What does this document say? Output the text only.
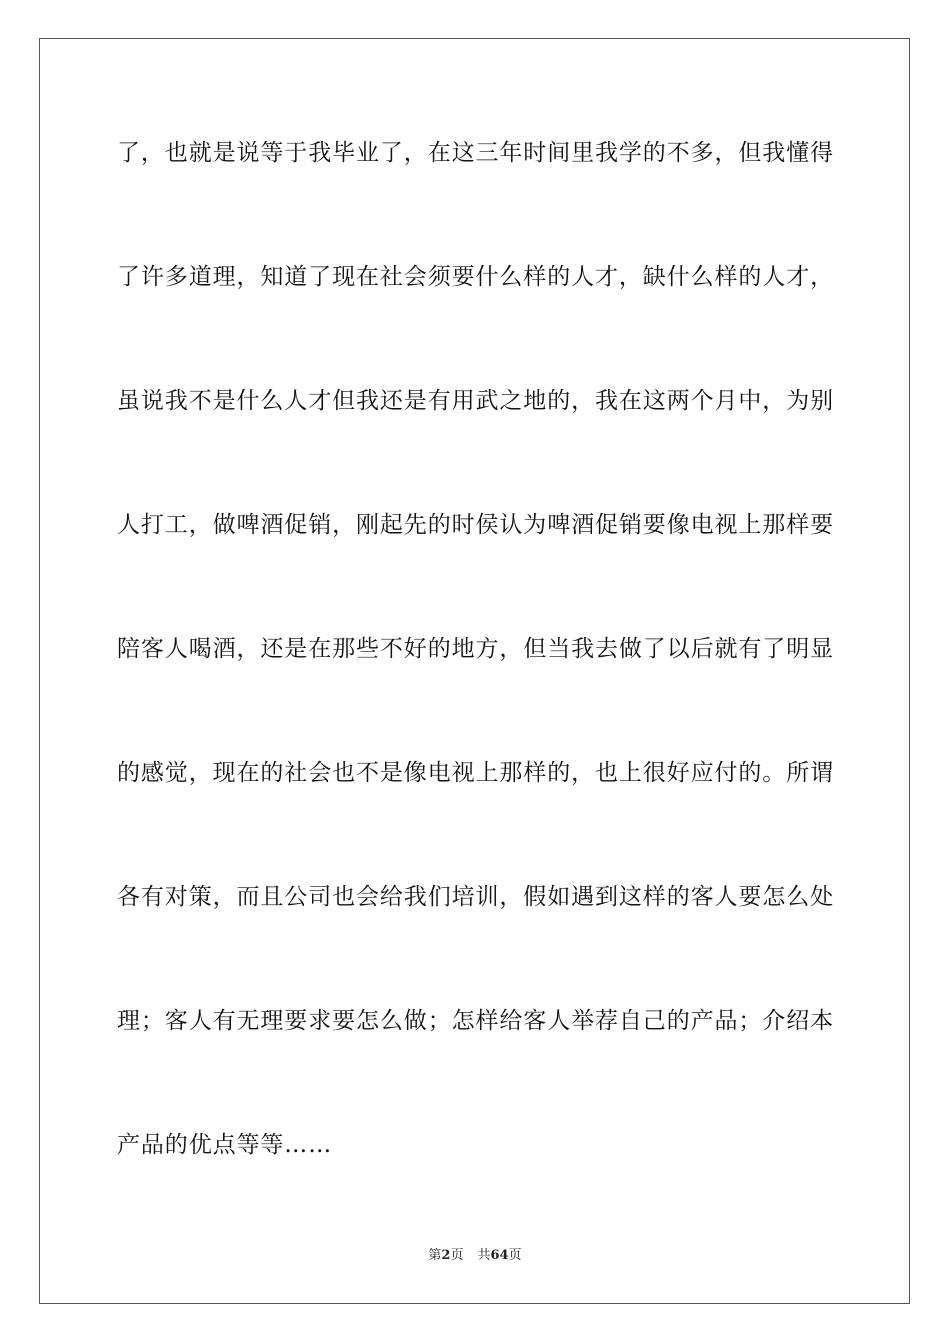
了，也就是说等于我毕业了，在这三年时间里我学的不多，但我懂得
了许多道理，知道了现在社会须要什么样的人才，缺什么样的人才，
虽说我不是什么人才但我还是有用武之地的，我在这两个月中，为别
人打工，做啤酒促销，刚起先的时侯认为啤酒促销要像电视上那样要
陪客人喝酒，还是在那些不好的地方，但当我去做了以后就有了明显
的感觉，现在的社会也不是像电视上那样的，也上很好应付的。所谓
各有对策，而且公司也会给我们培训，假如遇到这样的客人要怎么处
理；客人有无理要求要怎么做；怎样给客人举荐自己的产品；介绍本
产品的优点等等……
第2页 共64页
